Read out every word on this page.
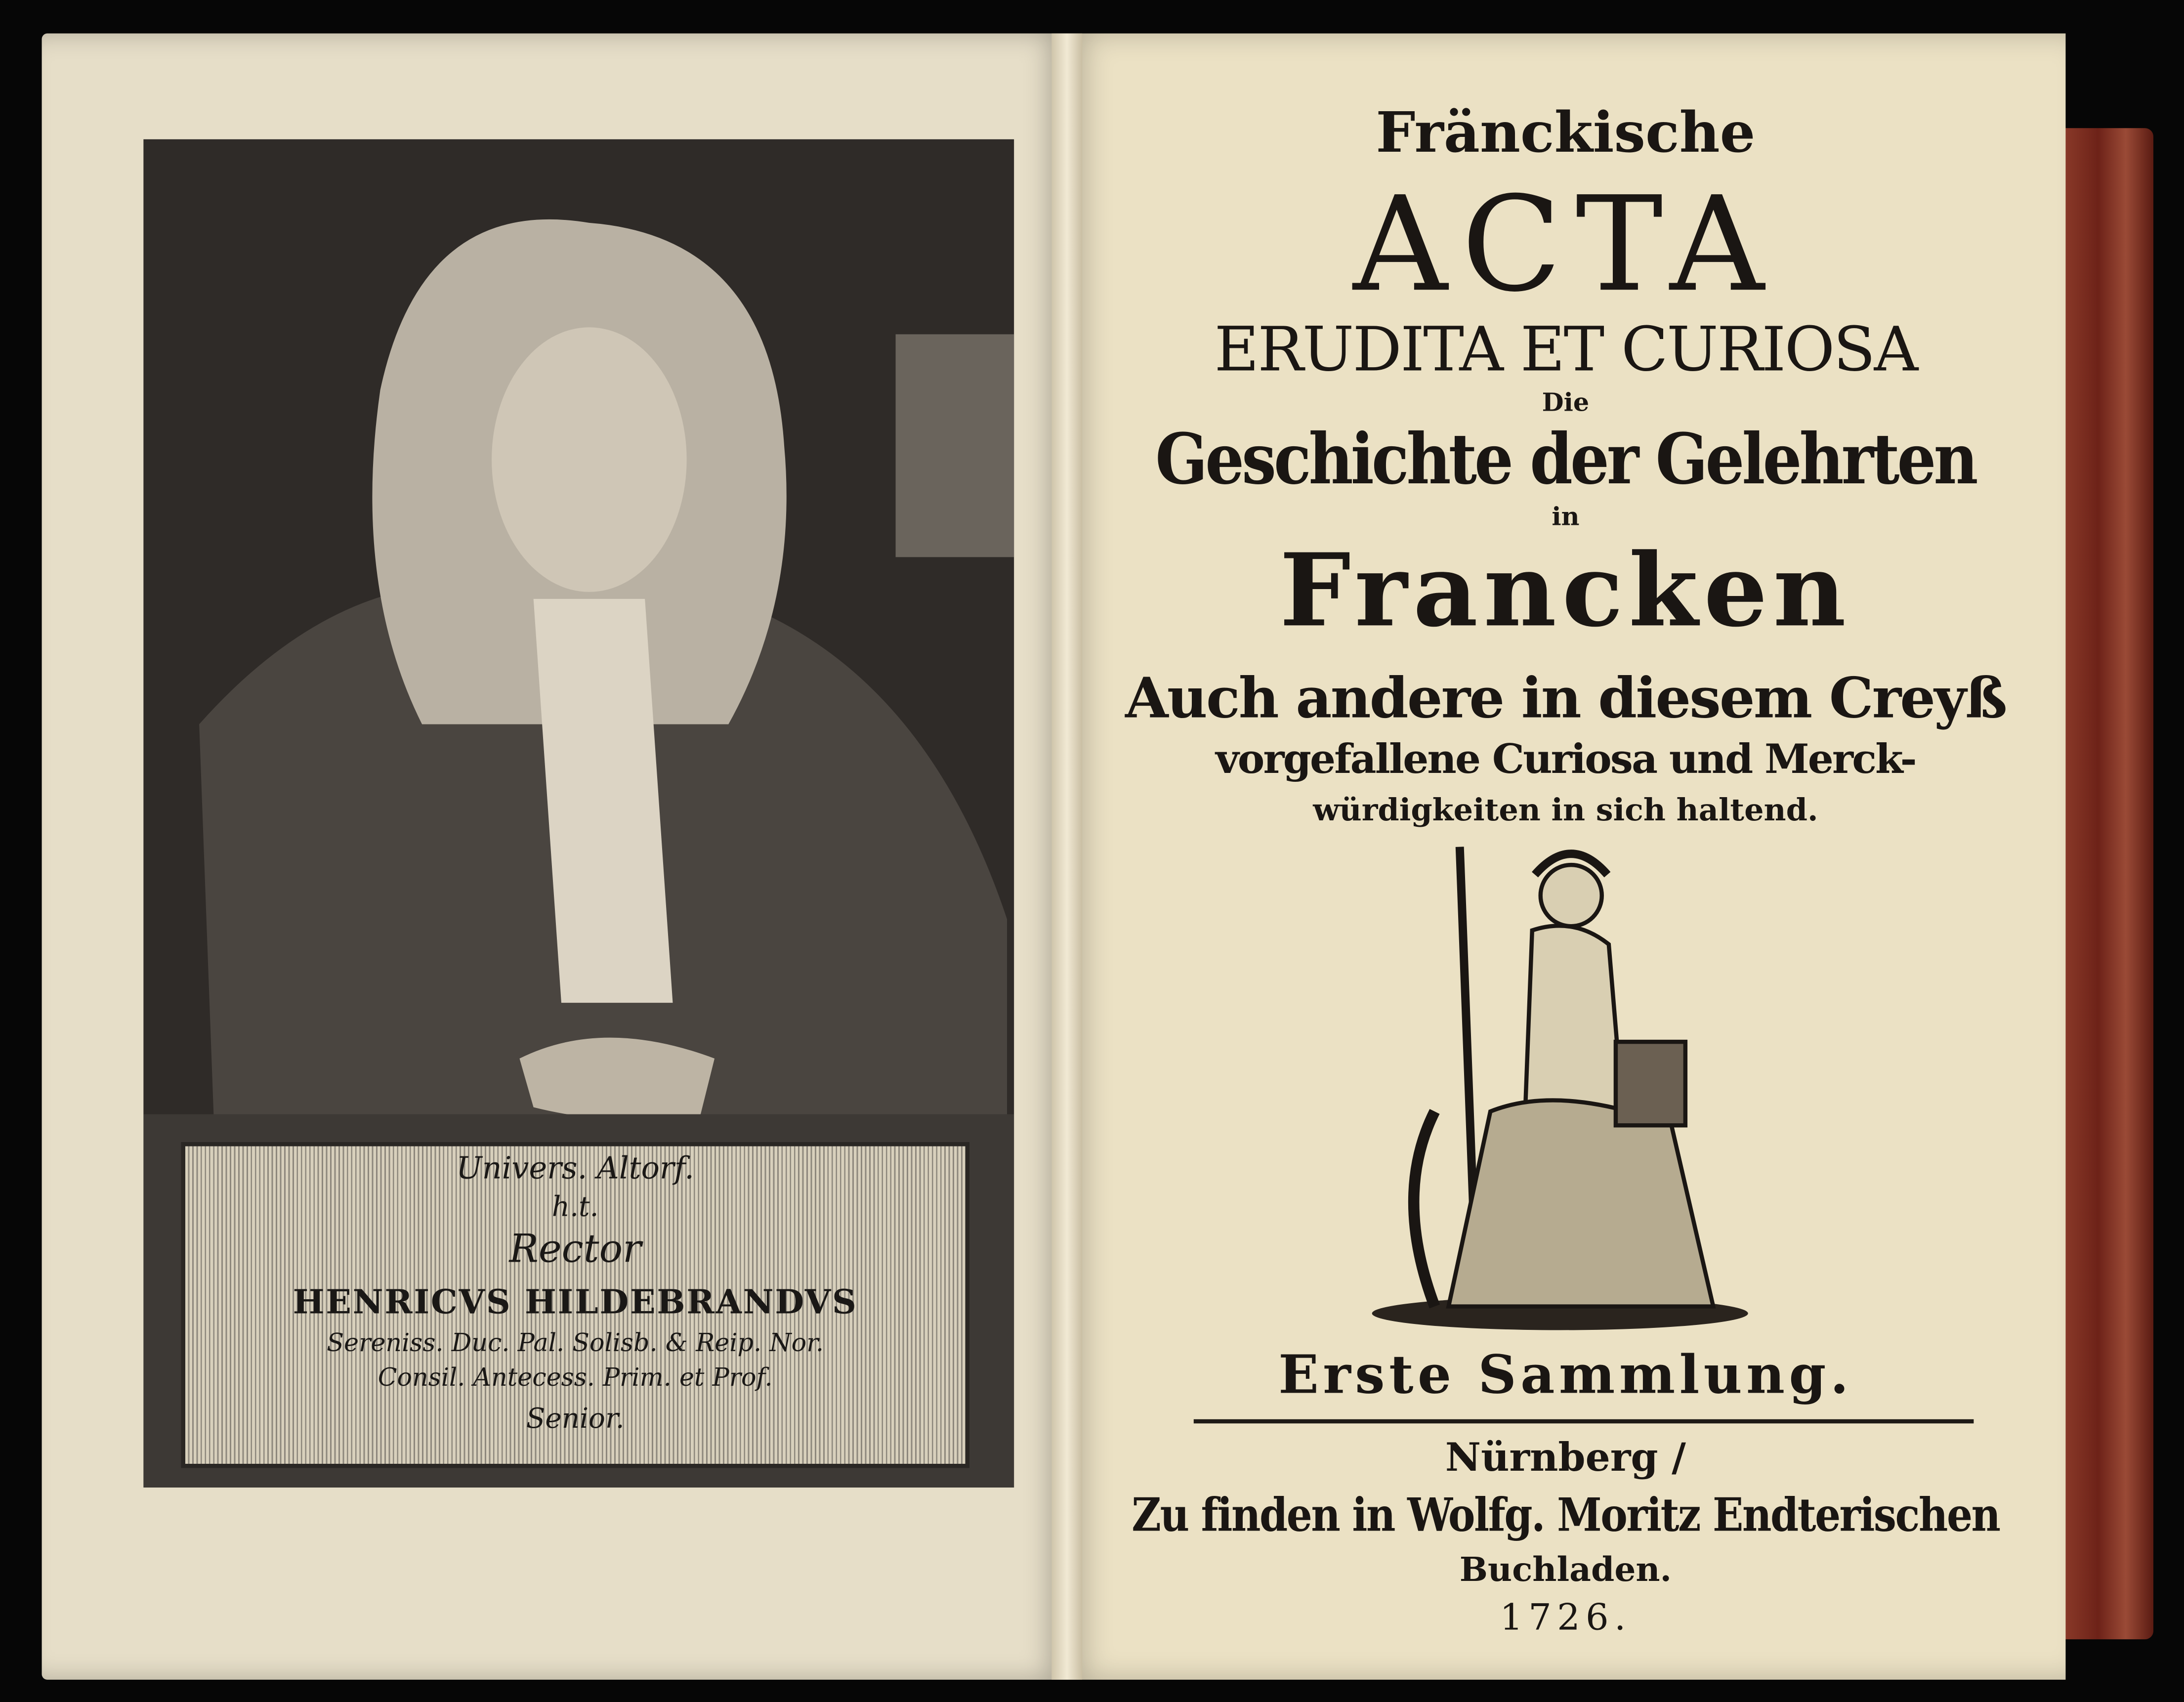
Fränckische
ACTA
ERUDITA ET CURIOSA
Die
Geschichte der Gelehrten
in
Francken
Auch andere in diesem Creyß
vorgefallene Curiosa und Merck-
würdigkeiten in sich haltend.
Erste Sammlung.
Nürnberg /
Zu finden in Wolfg. Moritz Endterischen
Buchladen.
1726.
Univers. Altorf.
h.t.
Rector
HENRICVS HILDEBRANDVS
Sereniss. Duc. Pal. Solisb. & Reip. Nor.
Consil. Antecess. Prim. et Prof.
Senior.
